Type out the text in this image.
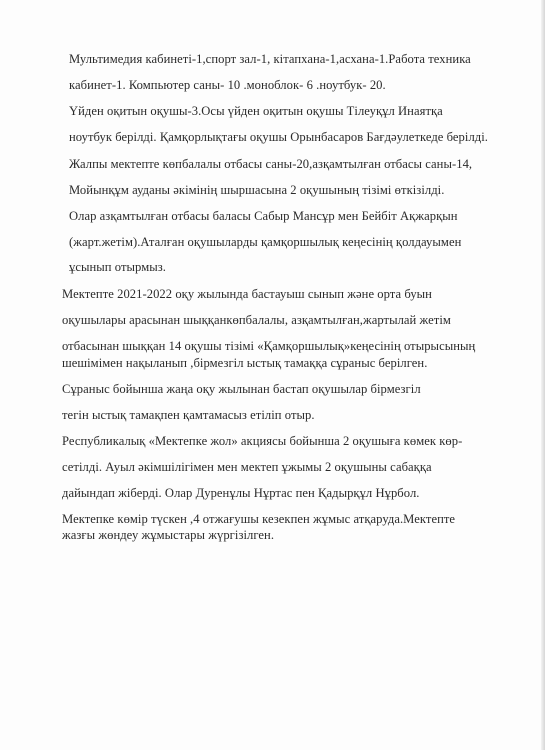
Мультимедия кабинеті-1,спорт зал-1, кітапхана-1,асхана-1.Работа техника
кабинет-1. Компьютер саны- 10 .моноблок- 6 .ноутбук- 20.
Үйден оқитын оқушы-3.Осы үйден оқитын оқушы Тілеуқұл Инаятқа
ноутбук берілді. Қамқорлықтағы оқушы Орынбасаров Бағдәулеткеде берілді.
Жалпы мектепте көпбалалы отбасы саны-20,азқамтылған отбасы саны-14,
Мойынқұм ауданы әкімінің шыршасына 2 оқушының тізімі өткізілді.
Олар азқамтылған отбасы баласы Сабыр Мансұр мен Бейбіт Ақжарқын
(жарт.жетім).Аталған оқушыларды қамқоршылық кеңесінің қолдауымен
ұсынып отырмыз.
Мектепте 2021-2022 оқу жылында бастауыш сынып және орта буын
оқушылары арасынан шыққанкөпбалалы, азқамтылған,жартылай жетім
отбасынан шыққан 14 оқушы тізімі «Қамқоршылық»кеңесінің отырысының
шешімімен нақыланып ,бірмезгіл ыстық тамаққа сұраныс берілген.
Сұраныс бойынша жаңа оқу жылынан бастап оқушылар бірмезгіл
тегін ыстық тамақпен қамтамасыз етіліп отыр.
Республикалық «Мектепке жол» акциясы бойынша 2 оқушыға көмек көр-
сетілді. Ауыл әкімшілігімен мен мектеп ұжымы 2 оқушыны сабаққа
дайындап жіберді. Олар Дуренұлы Нұртас пен Қадырқұл Нұрбол.
Мектепке көмір түскен ,4 отжағушы кезекпен жұмыс атқаруда.Мектепте
жазғы жөндеу жұмыстары жүргізілген.
